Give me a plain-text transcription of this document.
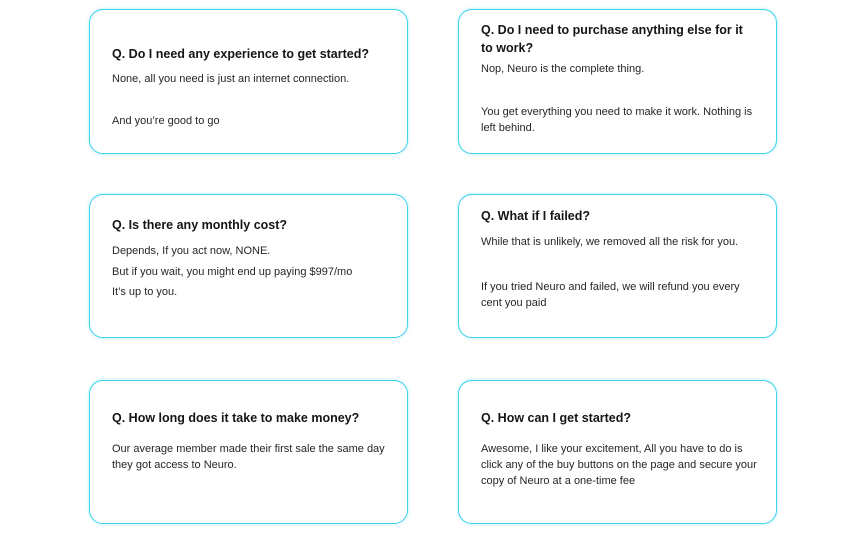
Q. Do I need any experience to get started?
None, all you need is just an internet connection.
And you’re good to go
Q. Do I need to purchase anything else for it to work?
Nop, Neuro is the complete thing.
You get everything you need to make it work. Nothing is left behind.
Q. Is there any monthly cost?
Depends, If you act now, NONE.
But if you wait, you might end up paying $997/mo
It’s up to you.
Q. What if I failed?
While that is unlikely, we removed all the risk for you.
If you tried Neuro and failed, we will refund you every cent you paid
Q. How long does it take to make money?
Our average member made their first sale the same day they got access to Neuro.
Q. How can I get started?
Awesome, I like your excitement, All you have to do is click any of the buy buttons on the page and secure your copy of Neuro at a one-time fee
